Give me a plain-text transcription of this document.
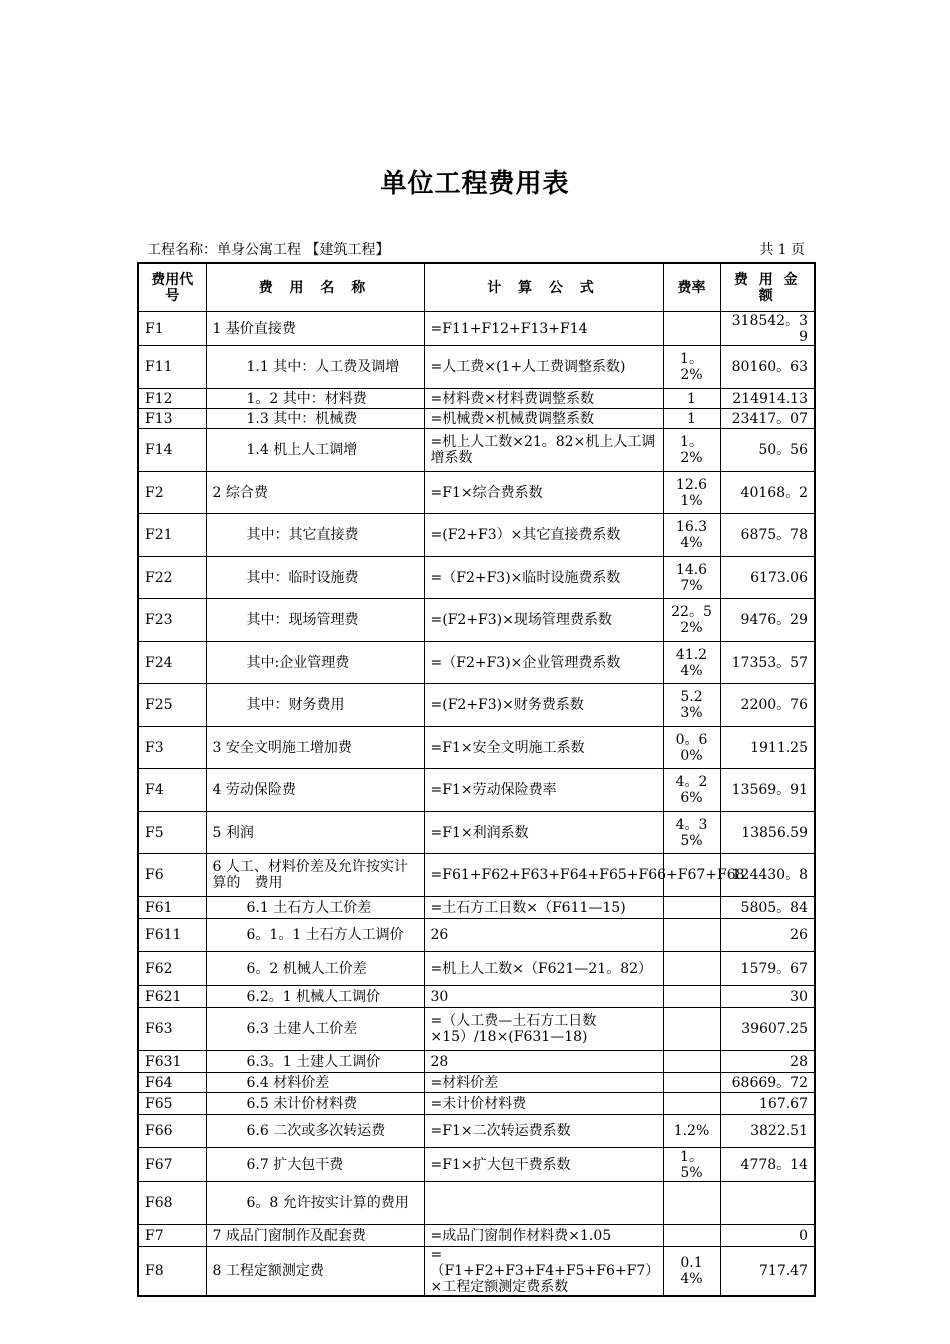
单位工程费用表
工程名称：单身公寓工程 【建筑工程】	共 1 页
费用代号	费 用 名 称	计 算 公 式	费率	费 用 金 额
F1	1 基价直接费	=F11+F12+F13+F14		318542。39
F11	1.1 其中：人工费及调增	=人工费×(1+人工费调整系数)	1。2%	80160。63
F12	1。2 其中：材料费	=材料费×材料费调整系数	1	214914.13
F13	1.3 其中：机械费	=机械费×机械费调整系数	1	23417。07
F14	1.4 机上人工调增	=机上人工数×21。82×机上人工调增系数	1。2%	50。56
F2	2 综合费	=F1×综合费系数	12.61%	40168。2
F21	其中：其它直接费	=(F2+F3）×其它直接费系数	16.34%	6875。78
F22	其中：临时设施费	=（F2+F3)×临时设施费系数	14.67%	6173.06
F23	其中：现场管理费	=(F2+F3)×现场管理费系数	22。52%	9476。29
F24	其中:企业管理费	=（F2+F3)×企业管理费系数	41.24%	17353。57
F25	其中：财务费用	=(F2+F3)×财务费系数	5.23%	2200。76
F3	3 安全文明施工增加费	=F1×安全文明施工系数	0。60%	1911.25
F4	4 劳动保险费	=F1×劳动保险费率	4。26%	13569。91
F5	5 利润	=F1×利润系数	4。35%	13856.59
F6	6 人工、材料价差及允许按实计算的　费用	=F61+F62+F63+F64+F65+F66+F67+F68		124430。8
F61	6.1 土石方人工价差	=土石方工日数×（F611—15)		5805。84
F611	6。1。1 土石方人工调价	26		26
F62	6。2 机械人工价差	=机上人工数×（F621—21。82）		1579。67
F621	6.2。1 机械人工调价	30		30
F63	6.3 土建人工价差	=（人工费—土石方工日数×15）/18×(F631—18)		39607.25
F631	6.3。1 土建人工调价	28		28
F64	6.4 材料价差	=材料价差		68669。72
F65	6.5 未计价材料费	=未计价材料费		167.67
F66	6.6 二次或多次转运费	=F1×二次转运费系数	1.2%	3822.51
F67	6.7 扩大包干费	=F1×扩大包干费系数	1。5%	4778。14
F68	6。8 允许按实计算的费用			
F7	7 成品门窗制作及配套费	=成品门窗制作材料费×1.05		0
F8	8 工程定额测定费	=（F1+F2+F3+F4+F5+F6+F7）×工程定额测定费系数	0.14%	717.47
